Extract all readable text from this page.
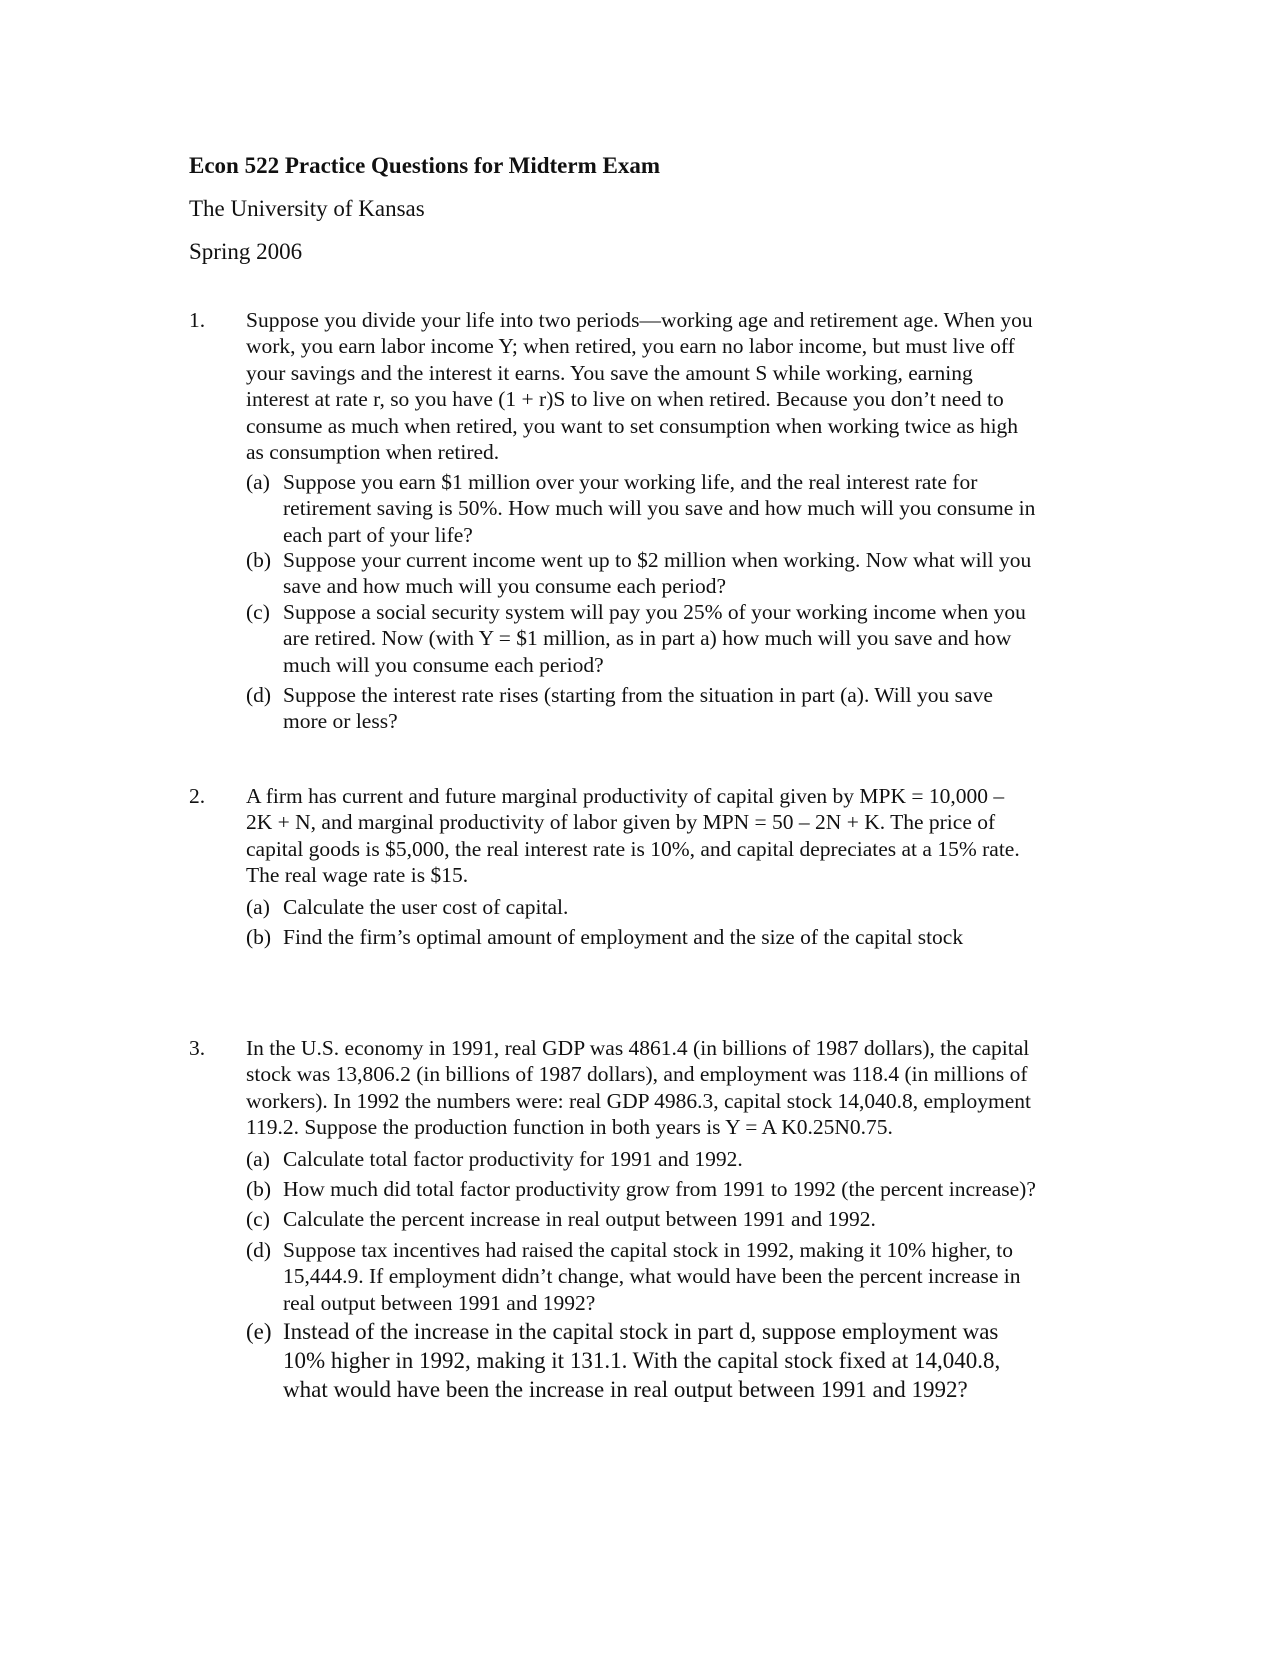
Econ 522 Practice Questions for Midterm Exam
The University of Kansas
Spring 2006
1. Suppose you divide your life into two periods—working age and retirement age. When you
work, you earn labor income Y; when retired, you earn no labor income, but must live off
your savings and the interest it earns. You save the amount S while working, earning
interest at rate r, so you have (1 + r)S to live on when retired. Because you don’t need to
consume as much when retired, you want to set consumption when working twice as high
as consumption when retired.
(a) Suppose you earn $1 million over your working life, and the real interest rate for
retirement saving is 50%. How much will you save and how much will you consume in
each part of your life?
(b) Suppose your current income went up to $2 million when working. Now what will you
save and how much will you consume each period?
(c) Suppose a social security system will pay you 25% of your working income when you
are retired. Now (with Y = $1 million, as in part a) how much will you save and how
much will you consume each period?
(d) Suppose the interest rate rises (starting from the situation in part (a). Will you save
more or less?
2. A firm has current and future marginal productivity of capital given by MPK = 10,000 –
2K + N, and marginal productivity of labor given by MPN = 50 – 2N + K. The price of
capital goods is $5,000, the real interest rate is 10%, and capital depreciates at a 15% rate.
The real wage rate is $15.
(a) Calculate the user cost of capital.
(b) Find the firm’s optimal amount of employment and the size of the capital stock
3. In the U.S. economy in 1991, real GDP was 4861.4 (in billions of 1987 dollars), the capital
stock was 13,806.2 (in billions of 1987 dollars), and employment was 118.4 (in millions of
workers). In 1992 the numbers were: real GDP 4986.3, capital stock 14,040.8, employment
119.2. Suppose the production function in both years is Y = A K0.25N0.75.
(a) Calculate total factor productivity for 1991 and 1992.
(b) How much did total factor productivity grow from 1991 to 1992 (the percent increase)?
(c) Calculate the percent increase in real output between 1991 and 1992.
(d) Suppose tax incentives had raised the capital stock in 1992, making it 10% higher, to
15,444.9. If employment didn’t change, what would have been the percent increase in
real output between 1991 and 1992?
(e) Instead of the increase in the capital stock in part d, suppose employment was
10% higher in 1992, making it 131.1. With the capital stock fixed at 14,040.8,
what would have been the increase in real output between 1991 and 1992?
